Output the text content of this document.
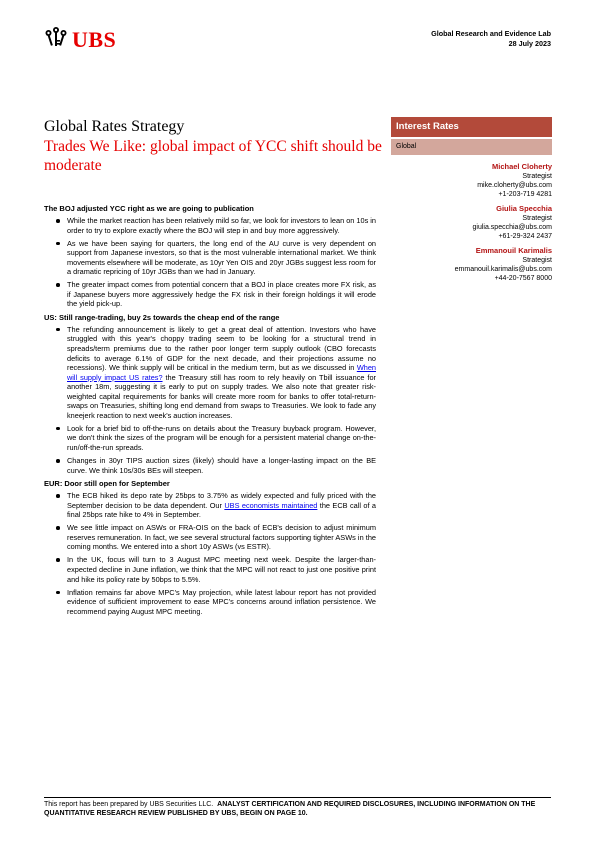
UBS	Global Research and Evidence Lab
28 July 2023
Global Rates Strategy
Trades We Like: global impact of YCC shift should be moderate
Interest Rates
Global
Michael Cloherty
Strategist
mike.cloherty@ubs.com
+1-203-719 4281
Giulia Specchia
Strategist
giulia.specchia@ubs.com
+61-29-324 2437
Emmanouil Karimalis
Strategist
emmanouil.karimalis@ubs.com
+44-20-7567 8000
The BOJ adjusted YCC right as we are going to publication
While the market reaction has been relatively mild so far, we look for investors to lean on 10s in order to try to explore exactly where the BOJ will step in and buy more aggressively.
As we have been saying for quarters, the long end of the AU curve is very dependent on support from Japanese investors, so that is the most vulnerable international market. We think movements elsewhere will be moderate, as 10yr Yen OIS and 20yr JGBs suggest less room for a dramatic repricing of 10yr JGBs than we had in January.
The greater impact comes from potential concern that a BOJ in place creates more FX risk, as if Japanese buyers more aggressively hedge the FX risk in their foreign holdings it will erode the yield pick-up.
US: Still range-trading, buy 2s towards the cheap end of the range
The refunding announcement is likely to get a great deal of attention. Investors who have struggled with this year's choppy trading seem to be looking for a structural trend in spreads/term premiums due to the rather poor longer term supply outlook (CBO forecasts deficits to average 6.1% of GDP for the next decade, and their projections assume no recessions). We think supply will be critical in the medium term, but as we discussed in When will supply impact US rates? the Treasury still has room to rely heavily on Tbill issuance for another 18m, suggesting it is early to put on supply trades. We also note that greater risk-weighted capital requirements for banks will create more room for banks to offer total-return-swaps on Treasuries, shifting long end demand from swaps to Treasuries. We look to fade any kneejerk reaction to next week's auction increases.
Look for a brief bid to off-the-runs on details about the Treasury buyback program. However, we don't think the sizes of the program will be enough for a persistent material change on-the-run/off-the-run spreads.
Changes in 30yr TIPS auction sizes (likely) should have a longer-lasting impact on the BE curve. We think 10s/30s BEs will steepen.
EUR: Door still open for September
The ECB hiked its depo rate by 25bps to 3.75% as widely expected and fully priced with the September decision to be data dependent. Our UBS economists maintained the ECB call of a final 25bps rate hike to 4% in September.
We see little impact on ASWs or FRA-OIS on the back of ECB's decision to adjust minimum reserves remuneration. In fact, we see several structural factors supporting tighter ASWs in the coming months. We entered into a short 10y ASWs (vs ESTR).
In the UK, focus will turn to 3 August MPC meeting next week. Despite the larger-than-expected decline in June inflation, we think that the MPC will not react to just one positive print and hike its policy rate by 50bps to 5.5%.
Inflation remains far above MPC's May projection, while latest labour report has not provided evidence of sufficient improvement to ease MPC's concerns around inflation persistence. We recommend paying August MPC meeting.
This report has been prepared by UBS Securities LLC. ANALYST CERTIFICATION AND REQUIRED DISCLOSURES, INCLUDING INFORMATION ON THE QUANTITATIVE RESEARCH REVIEW PUBLISHED BY UBS, BEGIN ON PAGE 10.
